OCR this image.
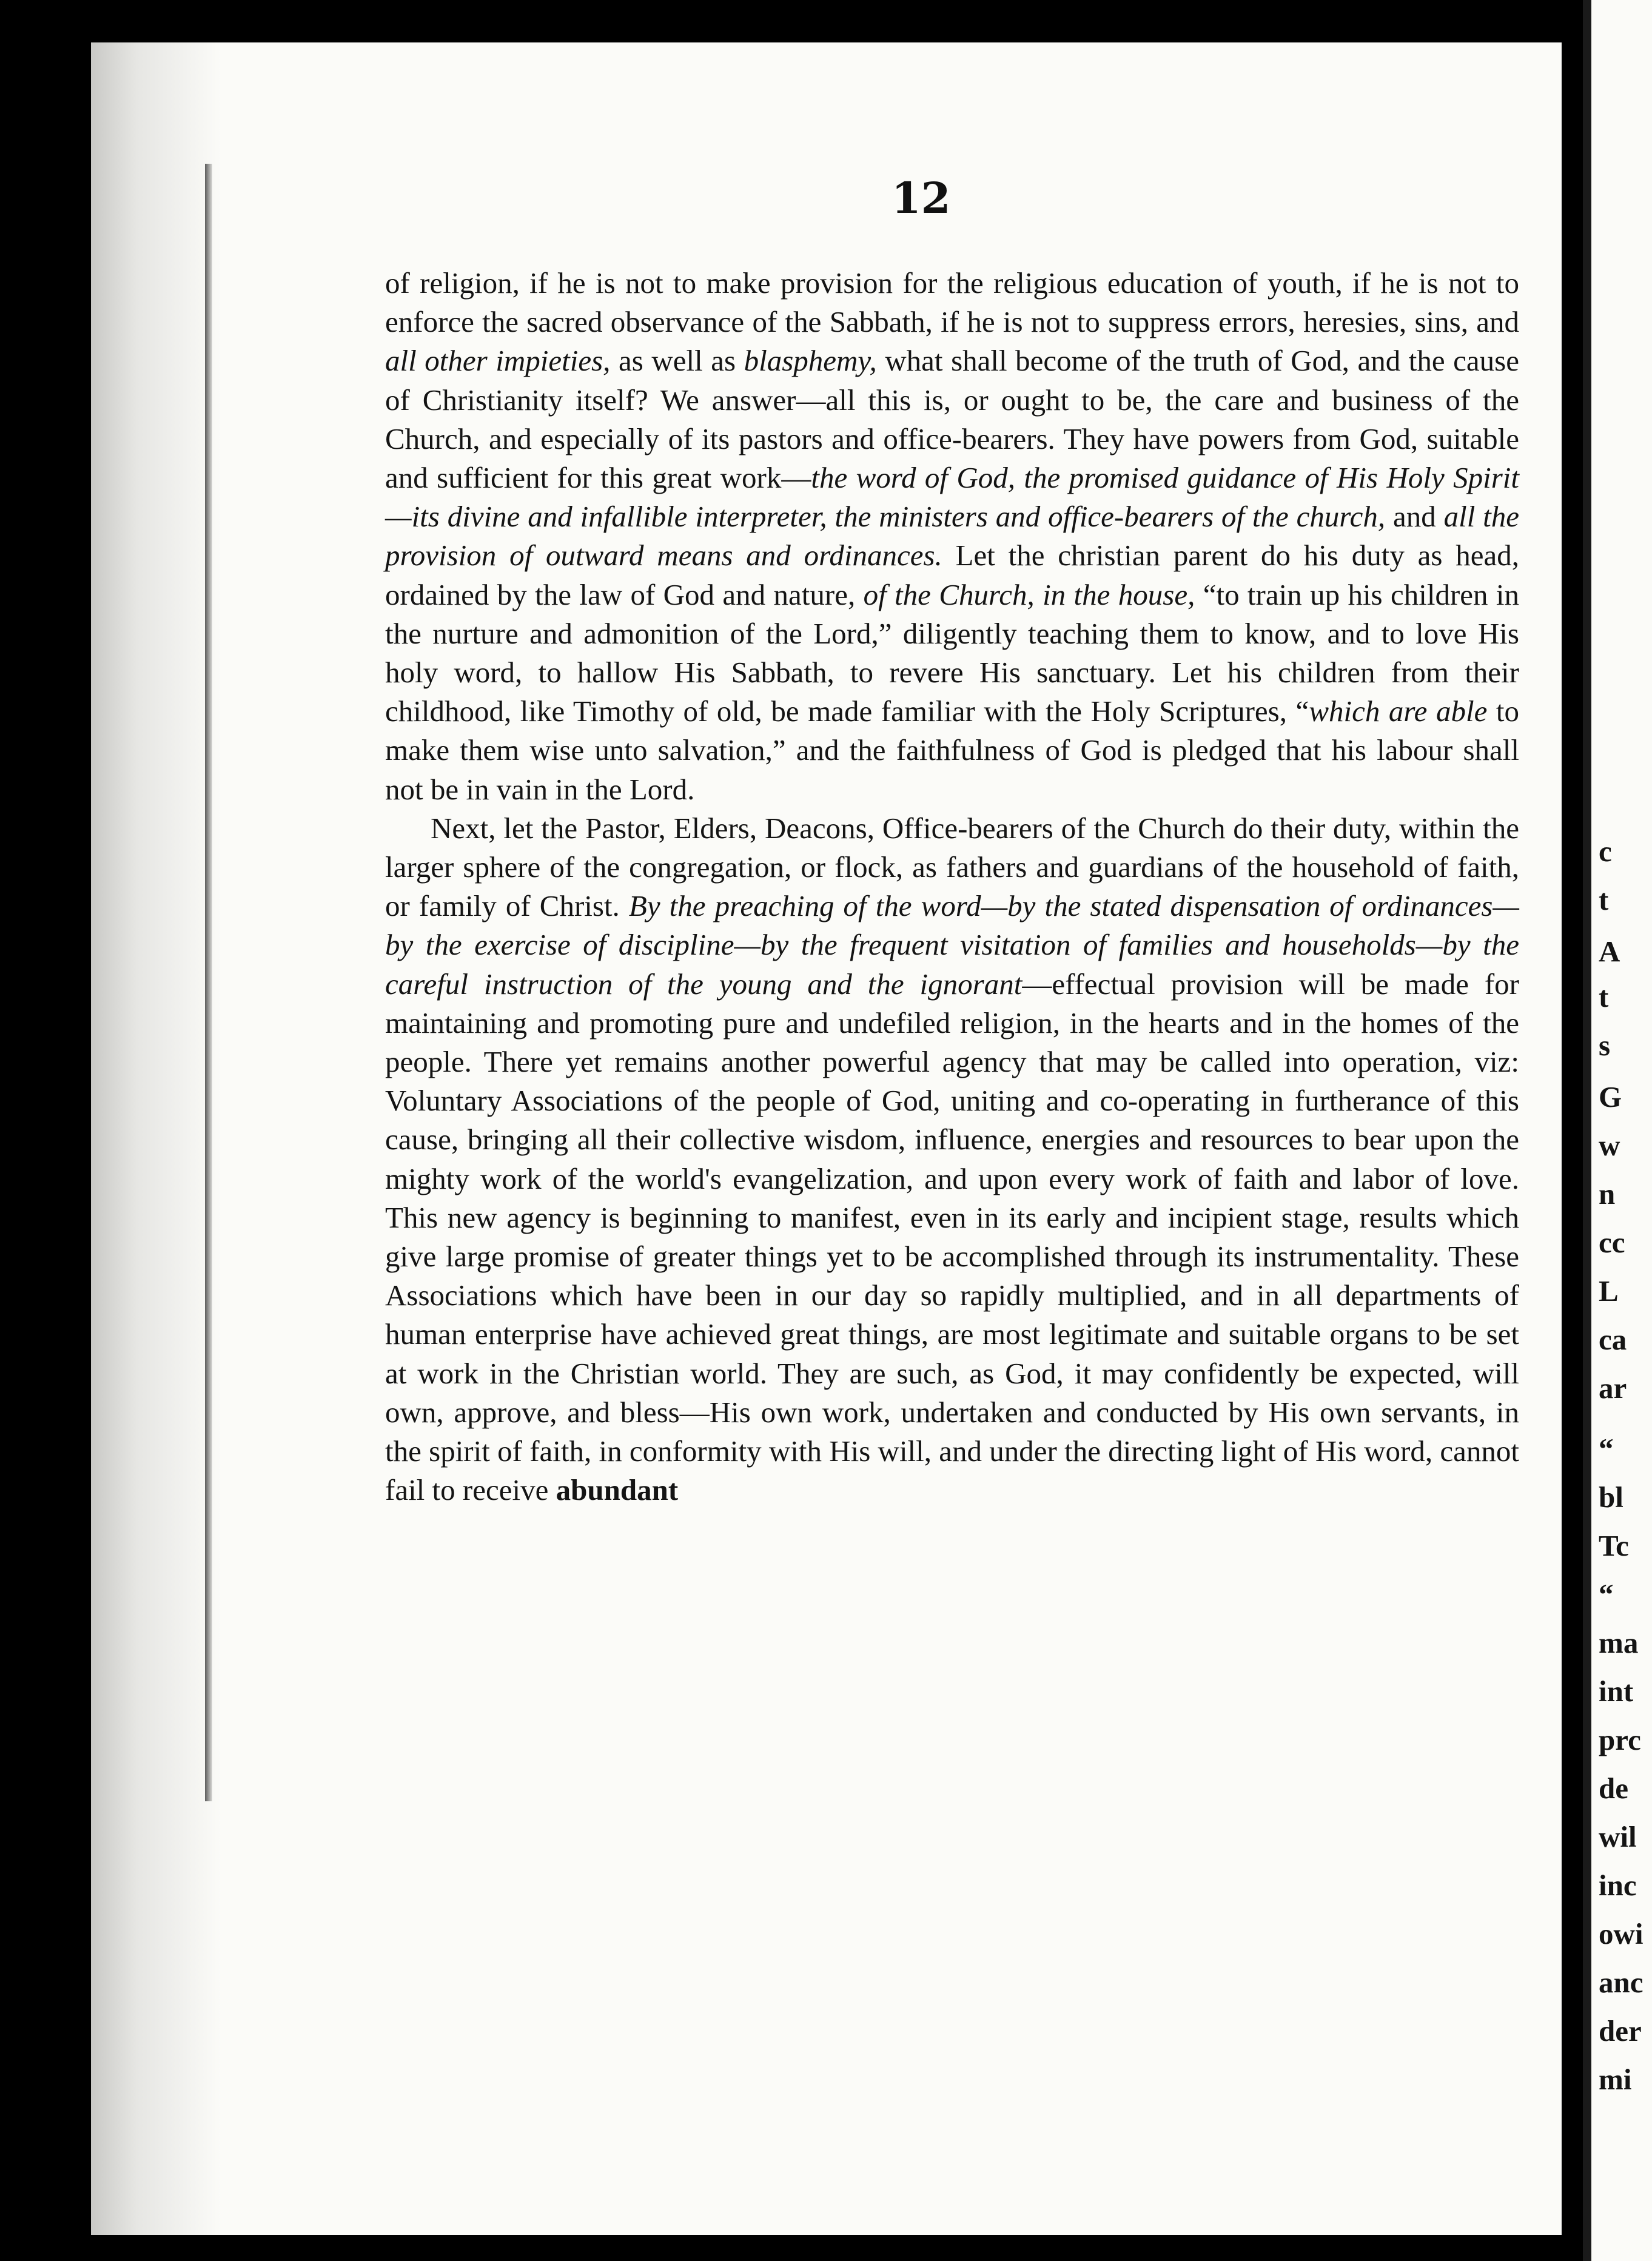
12

of religion, if he is not to make provision for the religious education of youth, if he is not to enforce the sacred observance of the Sabbath, if he is not to suppress errors, heresies, sins, and all other impieties, as well as blasphemy, what shall become of the truth of God, and the cause of Christianity itself? We answer—all this is, or ought to be, the care and business of the Church, and especially of its pastors and office-bearers. They have powers from God, suitable and sufficient for this great work—the word of God, the promised guidance of His Holy Spirit—its divine and infallible interpreter, the ministers and office-bearers of the church, and all the provision of outward means and ordinances. Let the christian parent do his duty as head, ordained by the law of God and nature, of the Church, in the house, “to train up his children in the nurture and admonition of the Lord,” diligently teaching them to know, and to love His holy word, to hallow His Sabbath, to revere His sanctuary. Let his children from their childhood, like Timothy of old, be made familiar with the Holy Scriptures, “which are able to make them wise unto salvation,” and the faithfulness of God is pledged that his labour shall not be in vain in the Lord.

Next, let the Pastor, Elders, Deacons, Office-bearers of the Church do their duty, within the larger sphere of the congregation, or flock, as fathers and guardians of the household of faith, or family of Christ. By the preaching of the word—by the stated dispensation of ordinances—by the exercise of discipline—by the frequent visitation of families and households—by the careful instruction of the young and the ignorant—effectual provision will be made for maintaining and promoting pure and undefiled religion, in the hearts and in the homes of the people. There yet remains another powerful agency that may be called into operation, viz: Voluntary Associations of the people of God, uniting and co-operating in furtherance of this cause, bringing all their collective wisdom, influence, energies and resources to bear upon the mighty work of the world's evangelization, and upon every work of faith and labor of love. This new agency is beginning to manifest, even in its early and incipient stage, results which give large promise of greater things yet to be accomplished through its instrumentality. These Associations which have been in our day so rapidly multiplied, and in all departments of human enterprise have achieved great things, are most legitimate and suitable organs to be set at work in the Christian world. They are such, as God, it may confidently be expected, will own, approve, and bless—His own work, undertaken and conducted by His own servants, in the spirit of faith, in conformity with His will, and under the directing light of His word, cannot fail to receive abundant

c
t
A
t
s
G
w
n
cc
L
ca
ar
“
bl
Tc
“
ma
int
prc
de
wil
inc
owi
anc
der
mi
